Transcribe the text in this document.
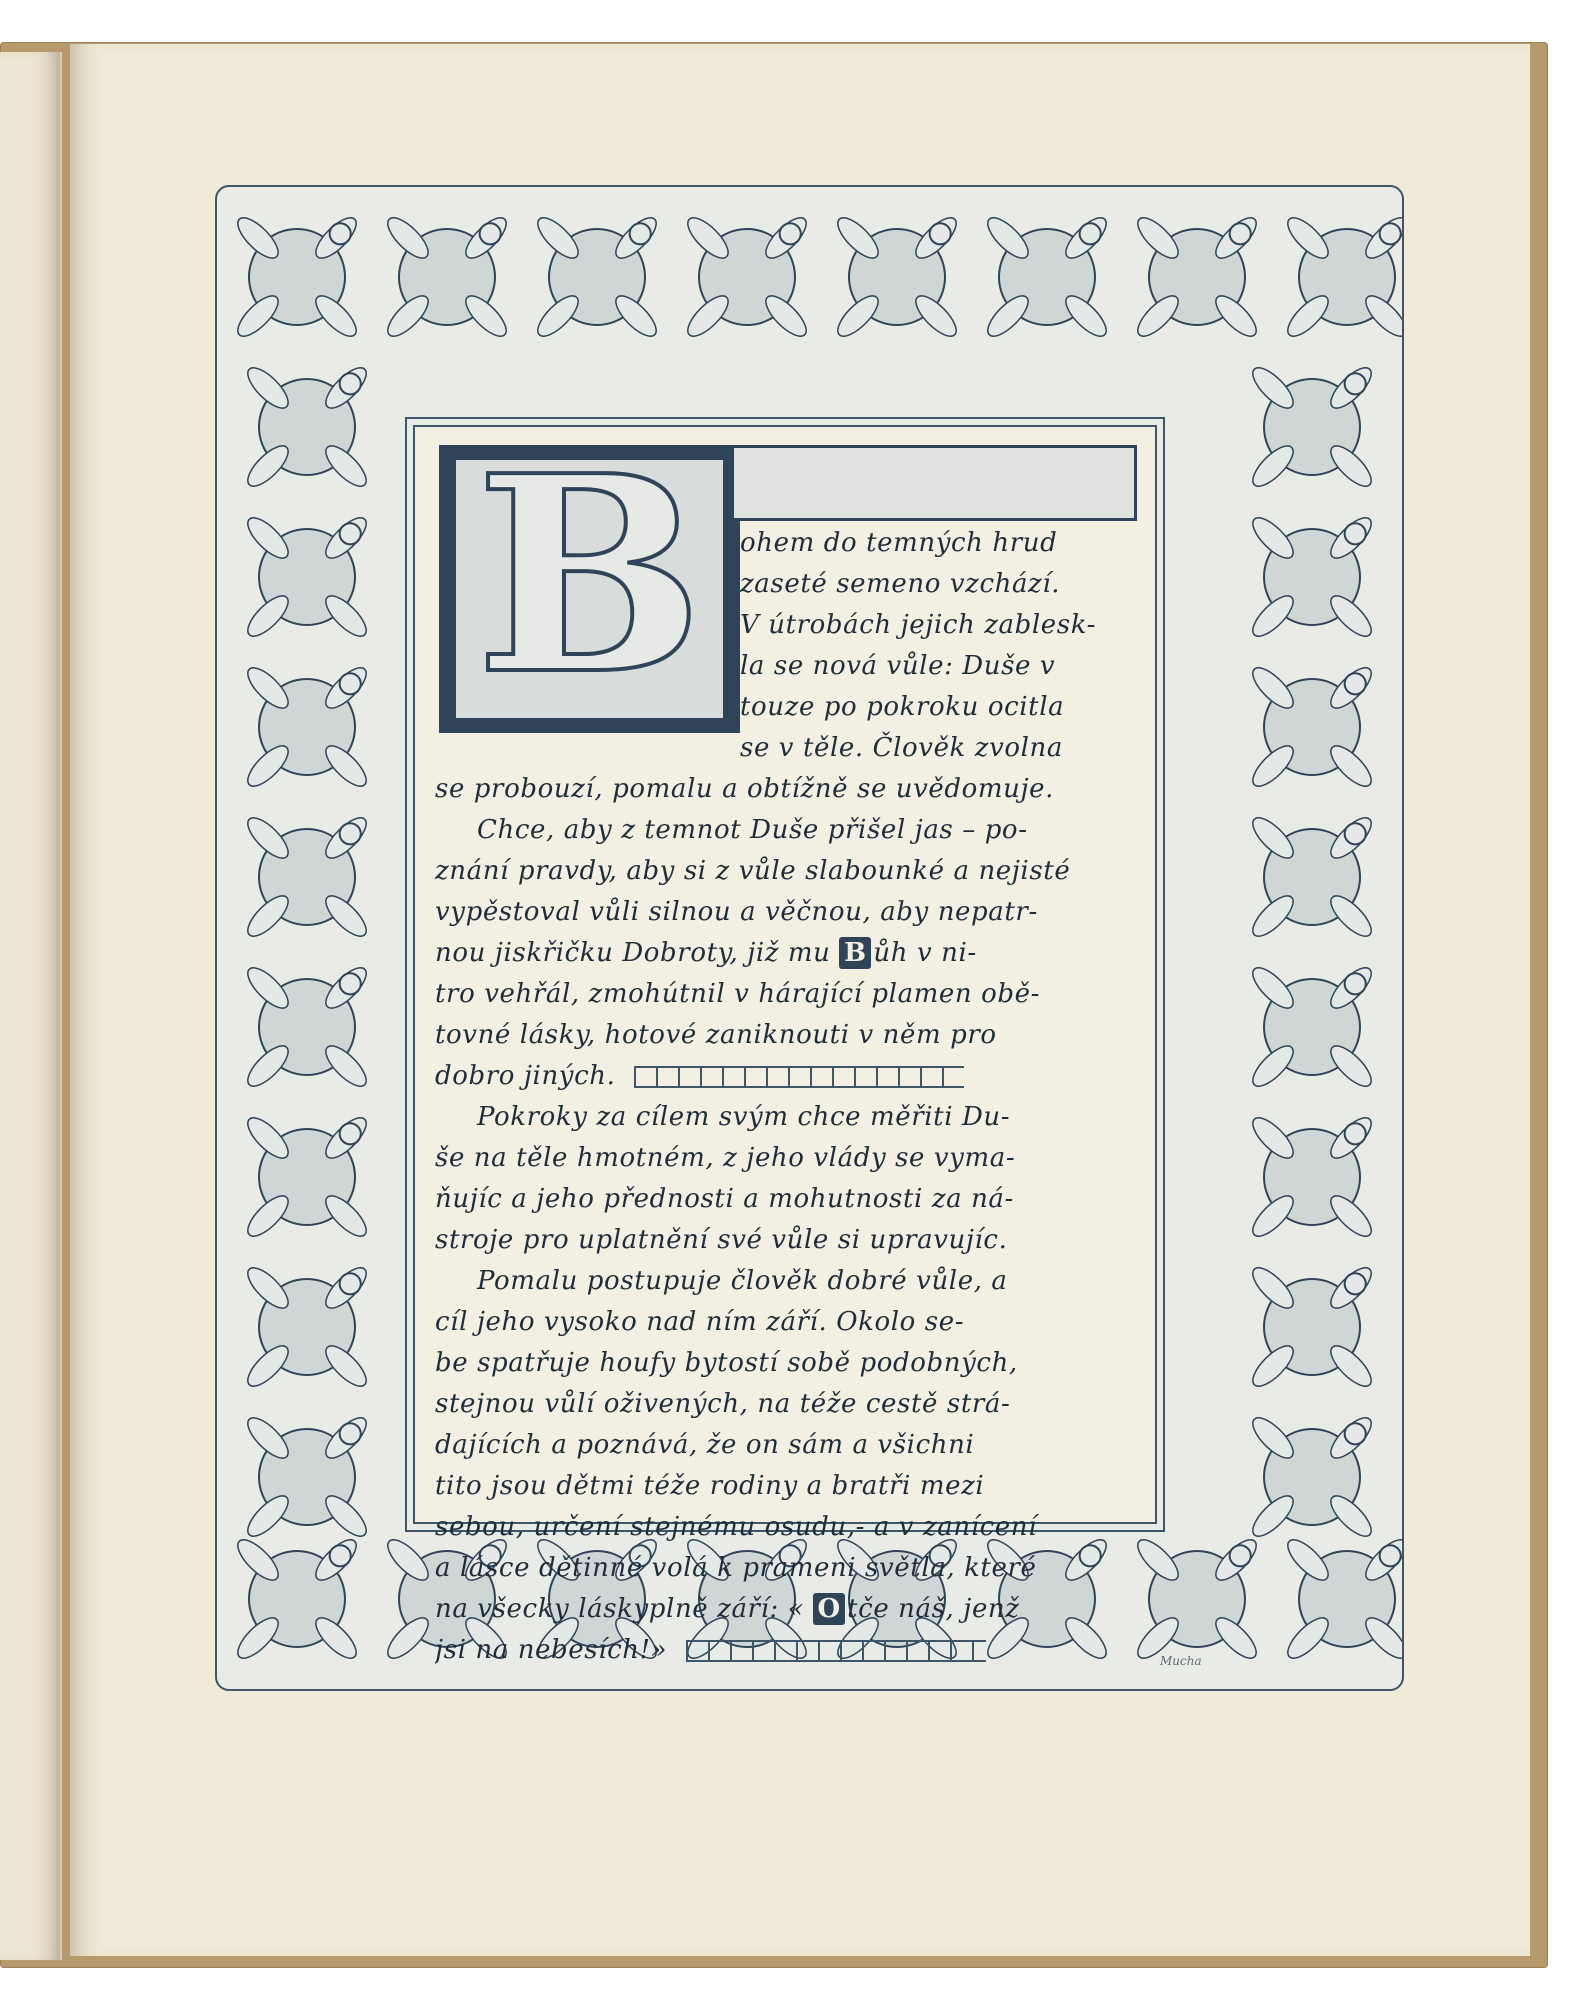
B	ohem do temných hrud
zaseté semeno vzchází.
V útrobách jejich zablesk-
la se nová vůle: Duše v
touze po pokroku ocitla
se v těle. Člověk zvolna
se probouzí, pomalu a obtížně se uvědomuje.
Chce, aby z temnot Duše přišel jas – po-
znání pravdy, aby si z vůle slabounké a nejisté
vypěstoval vůli silnou a věčnou, aby nepatr-
nou jiskřičku Dobroty, již mu B ůh v ni-
tro vehřál, zmohútnil v hárající plamen obě-
tovné lásky, hotové zaniknouti v něm pro
dobro jiných.
Pokroky za cílem svým chce měřiti Du-
še na těle hmotném, z jeho vlády se vyma-
ňujíc a jeho přednosti a mohutnosti za ná-
stroje pro uplatnění své vůle si upravujíc.
Pomalu postupuje člověk dobré vůle, a
cíl jeho vysoko nad ním září. Okolo se-
be spatřuje houfy bytostí sobě podobných,
stejnou vůlí oživených, na téže cestě strá-
dajících a poznává, že on sám a všichni
tito jsou dětmi téže rodiny a bratři mezi
sebou, určení stejnému osudu,- a v zanícení
a lásce dětinné volá k prameni světla, které
na všecky láskyplně září: « O tče náš, jenž
jsi na nebesích!»	Mucha
